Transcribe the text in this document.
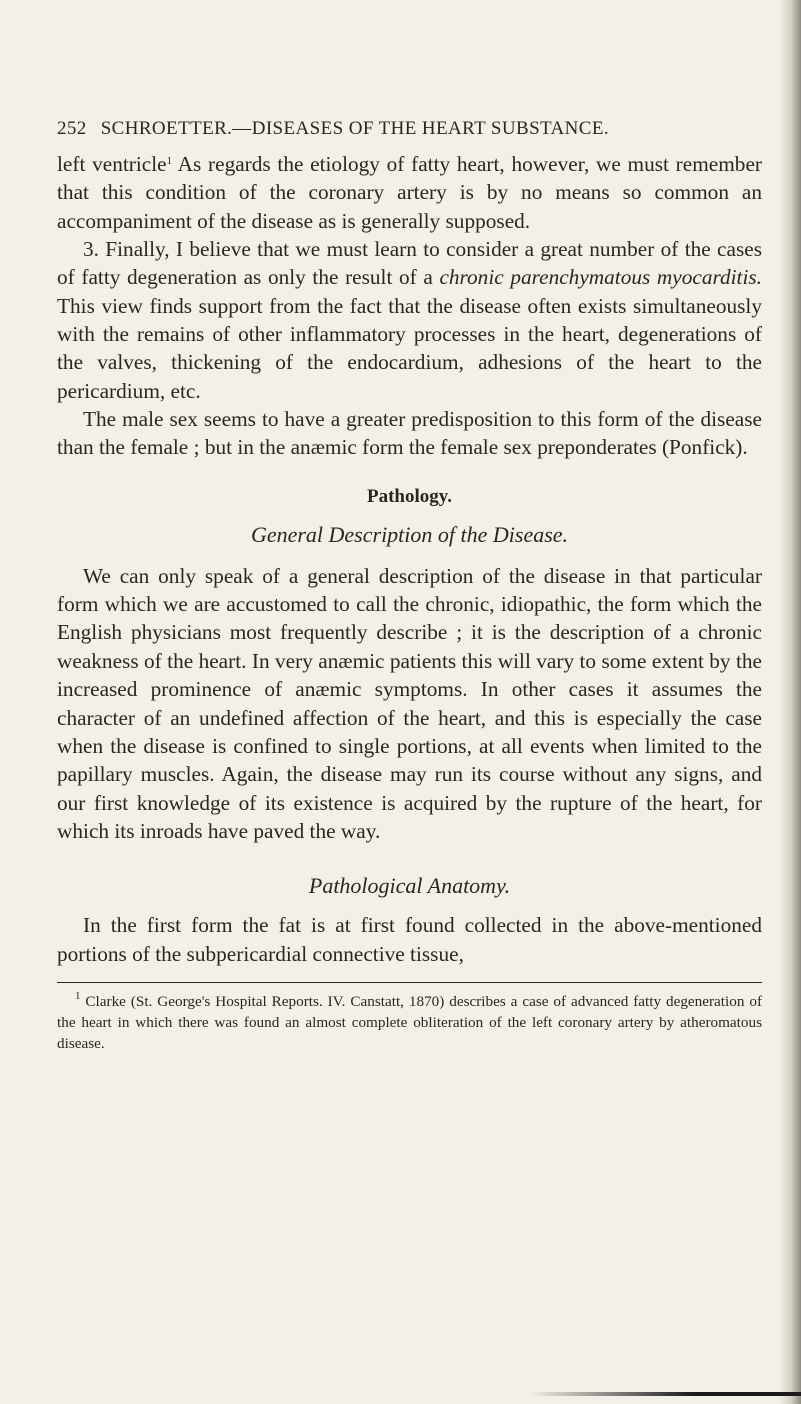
252 SCHROETTER.—DISEASES OF THE HEART SUBSTANCE.

left ventricle$^1$ As regards the etiology of fatty heart, however, we must remember that this condition of the coronary artery is by no means so common an accompaniment of the disease as is generally supposed.

3. Finally, I believe that we must learn to consider a great number of the cases of fatty degeneration as only the result of a chronic parenchymatous myocarditis. This view finds support from the fact that the disease often exists simultaneously with the remains of other inflammatory processes in the heart, degenerations of the valves, thickening of the endocardium, adhesions of the heart to the pericardium, etc.

The male sex seems to have a greater predisposition to this form of the disease than the female ; but in the anæmic form the female sex preponderates (Ponfick).

Pathology.
General Description of the Disease.

We can only speak of a general description of the disease in that particular form which we are accustomed to call the chronic, idiopathic, the form which the English physicians most frequently describe ; it is the description of a chronic weakness of the heart. In very anæmic patients this will vary to some extent by the increased prominence of anæmic symptoms. In other cases it assumes the character of an undefined affection of the heart, and this is especially the case when the disease is confined to single portions, at all events when limited to the papillary muscles. Again, the disease may run its course without any signs, and our first knowledge of its existence is acquired by the rupture of the heart, for which its inroads have paved the way.

Pathological Anatomy.

In the first form the fat is at first found collected in the above-mentioned portions of the subpericardial connective tissue,

$^1$ Clarke (St. George's Hospital Reports. IV. Canstatt, 1870) describes a case of advanced fatty degeneration of the heart in which there was found an almost complete obliteration of the left coronary artery by atheromatous disease.
